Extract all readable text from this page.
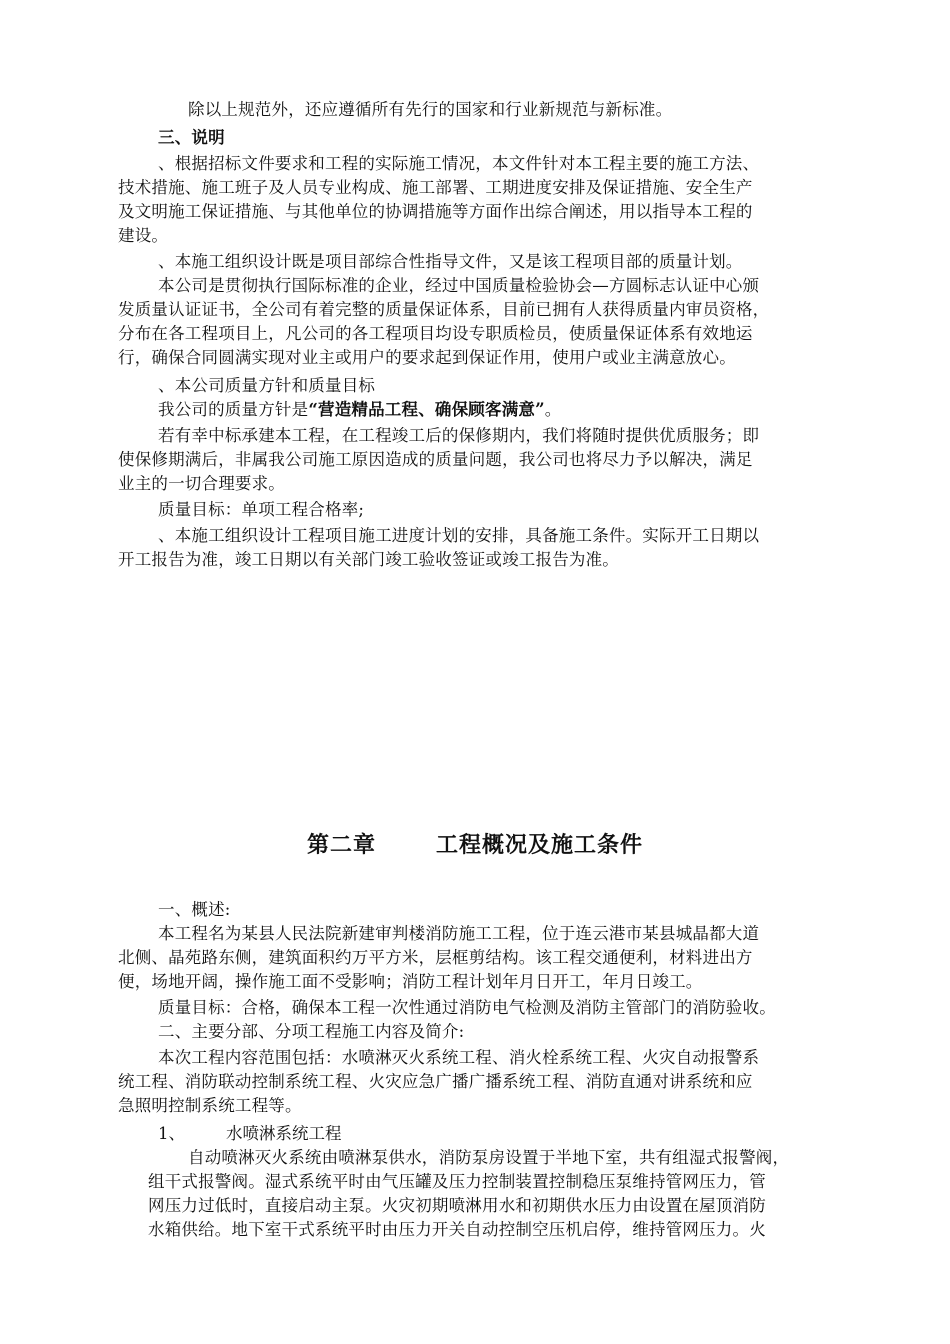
除以上规范外，还应遵循所有先行的国家和行业新规范与新标准。
三、说明
、根据招标文件要求和工程的实际施工情况，本文件针对本工程主要的施工方法、
技术措施、施工班子及人员专业构成、施工部署、工期进度安排及保证措施、安全生产
及文明施工保证措施、与其他单位的协调措施等方面作出综合阐述，用以指导本工程的
建设。
、本施工组织设计既是项目部综合性指导文件，又是该工程项目部的质量计划。
本公司是贯彻执行国际标准的企业，经过中国质量检验协会—方圆标志认证中心颁
发质量认证证书，全公司有着完整的质量保证体系，目前已拥有人获得质量内审员资格，
分布在各工程项目上，凡公司的各工程项目均设专职质检员，使质量保证体系有效地运
行，确保合同圆满实现对业主或用户的要求起到保证作用，使用户或业主满意放心。
、本公司质量方针和质量目标
我公司的质量方针是“营造精品工程、确保顾客满意”。
若有幸中标承建本工程，在工程竣工后的保修期内，我们将随时提供优质服务；即
使保修期满后，非属我公司施工原因造成的质量问题，我公司也将尽力予以解决，满足
业主的一切合理要求。
质量目标：单项工程合格率;
、本施工组织设计工程项目施工进度计划的安排，具备施工条件。实际开工日期以
开工报告为准，竣工日期以有关部门竣工验收签证或竣工报告为准。
第二章	工程概况及施工条件
一、概述:
本工程名为某县人民法院新建审判楼消防施工工程，位于连云港市某县城晶都大道
北侧、晶苑路东侧，建筑面积约万平方米，层框剪结构。该工程交通便利，材料进出方
便，场地开阔，操作施工面不受影响；消防工程计划年月日开工，年月日竣工。
质量目标：合格，确保本工程一次性通过消防电气检测及消防主管部门的消防验收。
二、主要分部、分项工程施工内容及简介:
本次工程内容范围包括：水喷淋灭火系统工程、消火栓系统工程、火灾自动报警系
统工程、消防联动控制系统工程、火灾应急广播广播系统工程、消防直通对讲系统和应
急照明控制系统工程等。
1、 水喷淋系统工程
自动喷淋灭火系统由喷淋泵供水，消防泵房设置于半地下室，共有组湿式报警阀，
组干式报警阀。湿式系统平时由气压罐及压力控制装置控制稳压泵维持管网压力，管
网压力过低时，直接启动主泵。火灾初期喷淋用水和初期供水压力由设置在屋顶消防
水箱供给。地下室干式系统平时由压力开关自动控制空压机启停，维持管网压力。火
